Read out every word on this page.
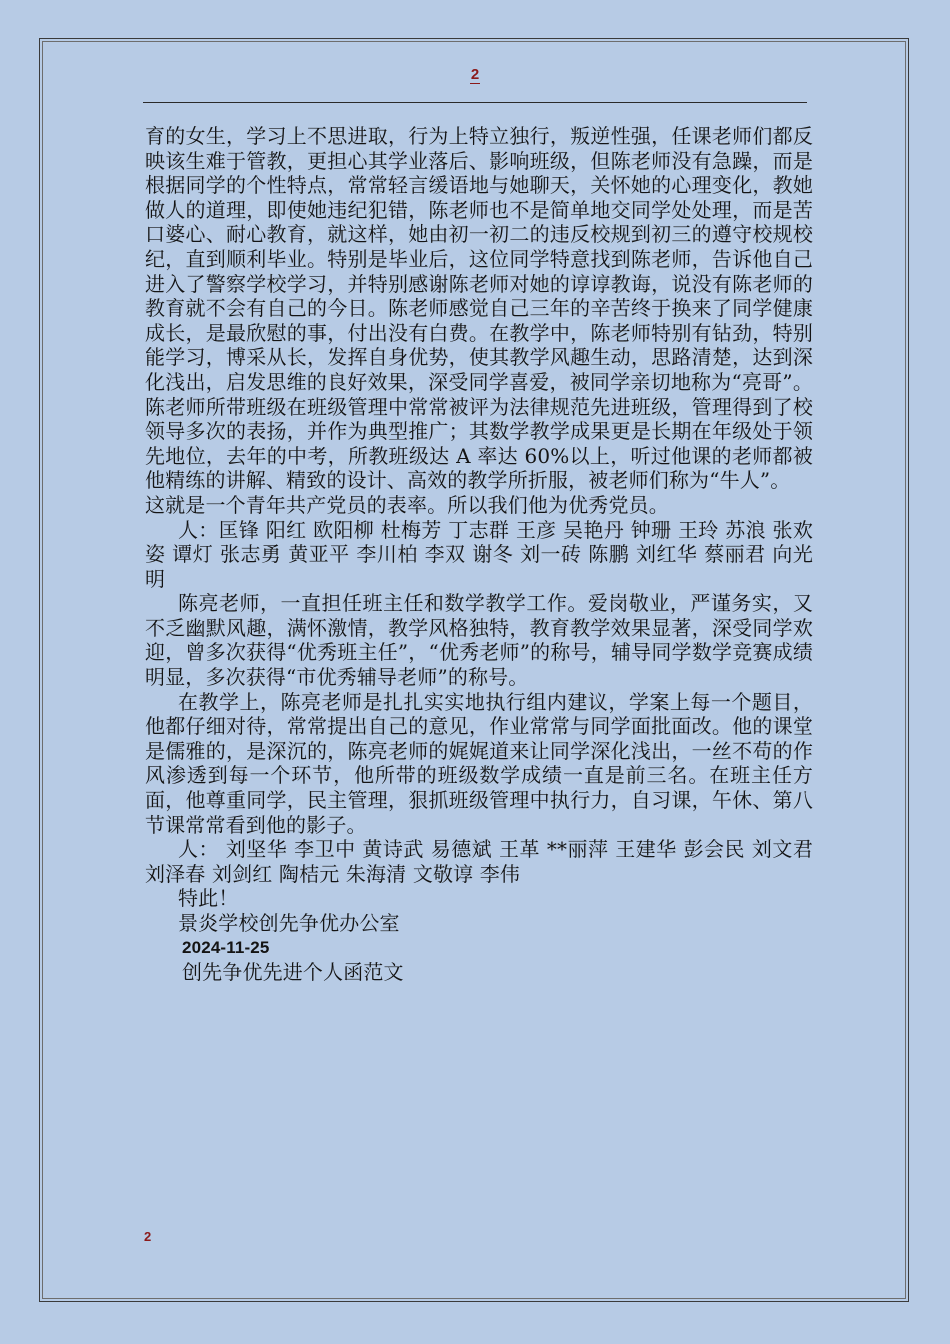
2

育的女生，学习上不思进取，行为上特立独行，叛逆性强，任课老师们都反映该生难于管教，更担心其学业落后、影响班级，但陈老师没有急躁，而是根据同学的个性特点，常常轻言缓语地与她聊天，关怀她的心理变化，教她做人的道理，即使她违纪犯错，陈老师也不是简单地交同学处处理，而是苦口婆心、耐心教育，就这样，她由初一初二的违反校规到初三的遵守校规校纪，直到顺利毕业。特别是毕业后，这位同学特意找到陈老师，告诉他自己进入了警察学校学习，并特别感谢陈老师对她的谆谆教诲，说没有陈老师的教育就不会有自己的今日。陈老师感觉自己三年的辛苦终于换来了同学健康成长，是最欣慰的事，付出没有白费。在教学中，陈老师特别有钻劲，特别能学习，博采从长，发挥自身优势，使其教学风趣生动，思路清楚，达到深化浅出，启发思维的良好效果，深受同学喜爱，被同学亲切地称为“亮哥”。陈老师所带班级在班级管理中常常被评为法律规范先进班级，管理得到了校领导多次的表扬，并作为典型推广；其数学教学成果更是长期在年级处于领先地位，去年的中考，所教班级达 A 率达 60%以上，听过他课的老师都被他精练的讲解、精致的设计、高效的教学所折服，被老师们称为“牛人”。

这就是一个青年共产党员的表率。所以我们他为优秀党员。

人：匡锋 阳红 欧阳柳 杜梅芳 丁志群 王彦 吴艳丹 钟珊 王玲 苏浪 张欢姿 谭灯 张志勇 黄亚平 李川柏 李双 谢冬 刘一砖 陈鹏 刘红华 蔡丽君 向光明

陈亮老师，一直担任班主任和数学教学工作。爱岗敬业，严谨务实，又不乏幽默风趣，满怀激情，教学风格独特，教育教学效果显著，深受同学欢迎，曾多次获得“优秀班主任”，“优秀老师”的称号，辅导同学数学竞赛成绩明显，多次获得“市优秀辅导老师”的称号。

在教学上，陈亮老师是扎扎实实地执行组内建议，学案上每一个题目，他都仔细对待，常常提出自己的意见，作业常常与同学面批面改。他的课堂是儒雅的，是深沉的，陈亮老师的娓娓道来让同学深化浅出，一丝不苟的作风渗透到每一个环节，他所带的班级数学成绩一直是前三名。在班主任方面，他尊重同学，民主管理，狠抓班级管理中执行力，自习课，午休、第八节课常常看到他的影子。

人： 刘坚华 李卫中 黄诗武 易德斌 王革 **丽萍 王建华 彭会民 刘文君 刘泽春 刘剑红 陶桔元 朱海清 文敬谆 李伟

特此！

景炎学校创先争优办公室

2024-11-25

创先争优先进个人函范文

2
